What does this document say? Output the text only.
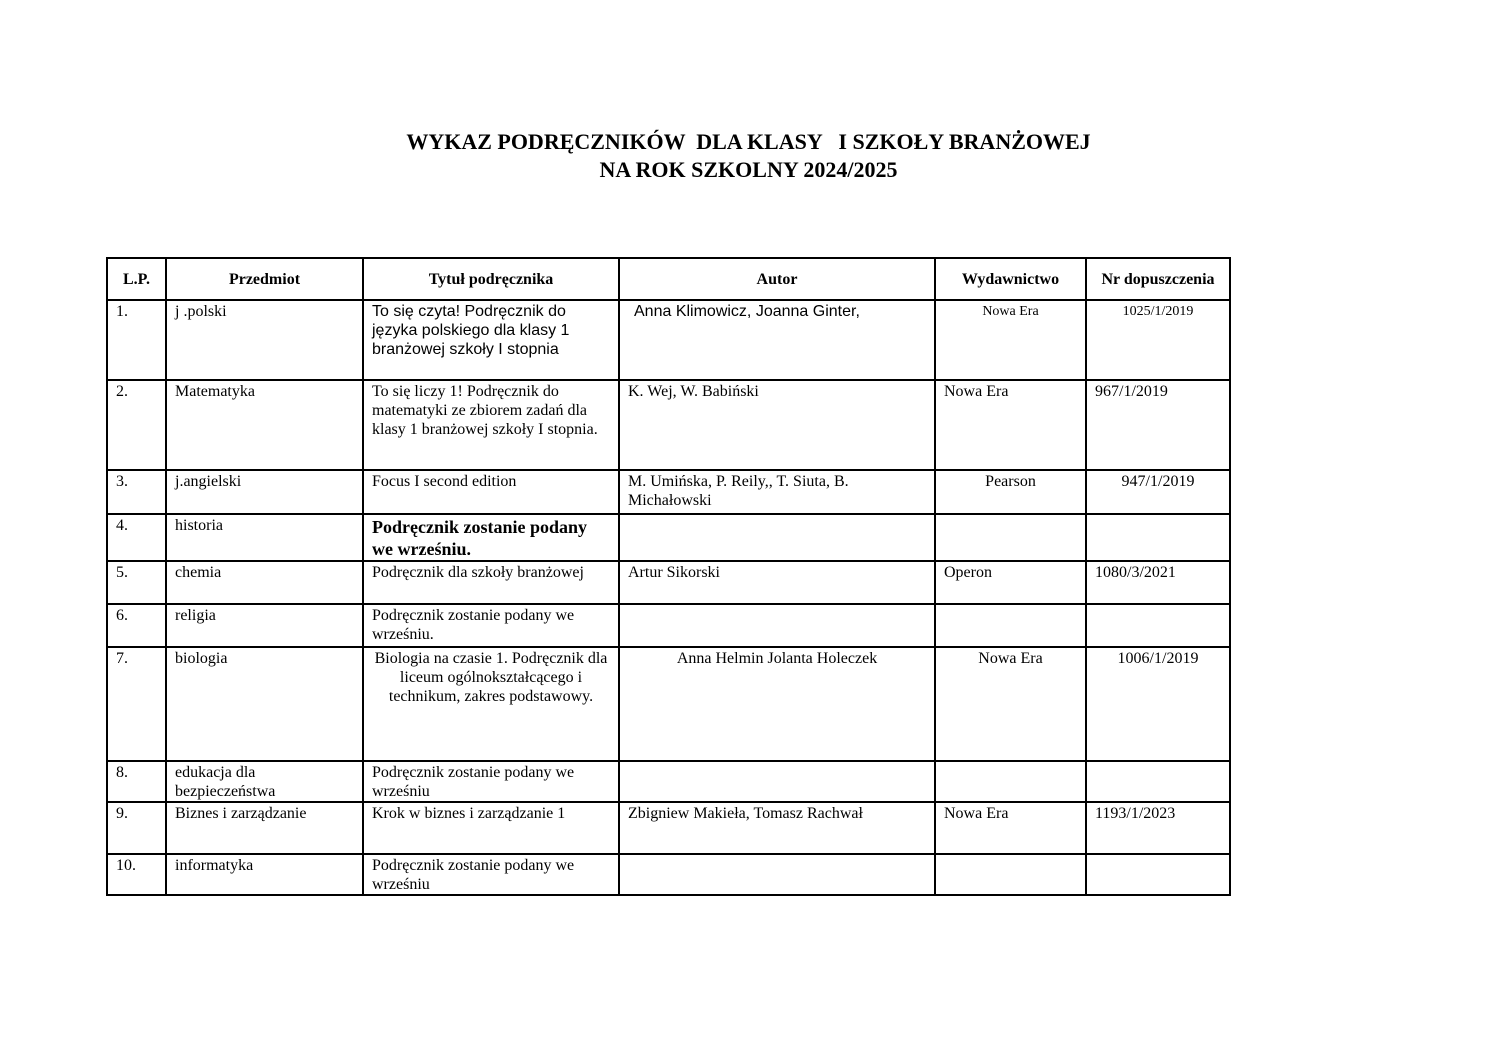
WYKAZ PODRĘCZNIKÓW  DLA KLASY   I SZKOŁY BRANŻOWEJ
NA ROK SZKOLNY 2024/2025
L.P.	Przedmiot	Tytuł podręcznika	Autor	Wydawnictwo	Nr dopuszczenia
1.	j .polski	To się czyta! Podręcznik do języka polskiego dla klasy 1 branżowej szkoły I stopnia	Anna Klimowicz, Joanna Ginter,	Nowa Era	1025/1/2019
2.	Matematyka	To się liczy 1! Podręcznik do matematyki ze zbiorem zadań dla klasy 1 branżowej szkoły I stopnia.	K. Wej, W. Babiński	Nowa Era	967/1/2019
3.	j.angielski	Focus I second edition	M. Umińska, P. Reily,, T. Siuta, B. Michałowski	Pearson	947/1/2019
4.	historia	Podręcznik zostanie podany we wrześniu.			
5.	chemia	Podręcznik dla szkoły branżowej	Artur Sikorski	Operon	1080/3/2021
6.	religia	Podręcznik zostanie podany we wrześniu.			
7.	biologia	Biologia na czasie 1. Podręcznik dla liceum ogólnokształcącego i technikum, zakres podstawowy.	Anna Helmin Jolanta Holeczek	Nowa Era	1006/1/2019
8.	edukacja dla bezpieczeństwa	Podręcznik zostanie podany we wrześniu			
9.	Biznes i zarządzanie	Krok w biznes i zarządzanie 1	Zbigniew Makieła, Tomasz Rachwał	Nowa Era	1193/1/2023
10.	informatyka	Podręcznik zostanie podany we wrześniu			
